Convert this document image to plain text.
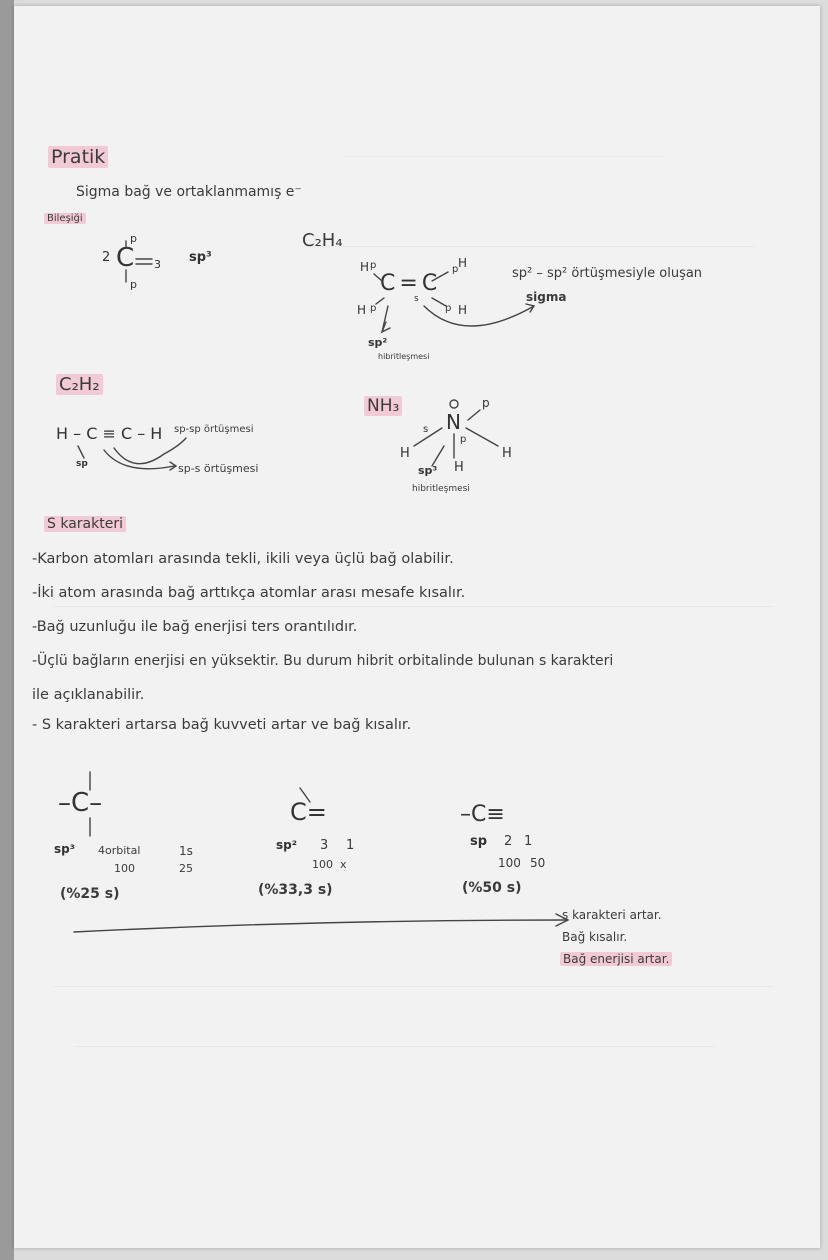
Pratik
Sigma bağ ve ortaklanmamış e⁻
Bileşiği
C
2
p
3
p
sp³
C₂H₄
C = C
H p	p H
H p
s
p H
sp²
hibritleşmesi
sp² – sp² örtüşmesiyle oluşan
sigma
C₂H₂
H – C ≡ C – H sp-sp örtüşmesi
sp	sp-s örtüşmesi
NH₃
N
p
s
p
H
H
H
sp³
hibritleşmesi
S karakteri
-Karbon atomları arasında tekli, ikili veya üçlü bağ olabilir.
-İki atom arasında bağ arttıkça atomlar arası mesafe kısalır.
-Bağ uzunluğu ile bağ enerjisi ters orantılıdır.
-Üçlü bağların enerjisi en yüksektir. Bu durum hibrit orbitalinde bulunan s karakteri
ile açıklanabilir.
- S karakteri artarsa bağ kuvveti artar ve bağ kısalır.
–C–
sp³ 4orbital	1s
100	25
(%25 s)
C=
sp² 3 1
100 x
(%33,3 s)
–C≡
sp 2 1
100 50
(%50 s)
s karakteri artar.
Bağ kısalır.
Bağ enerjisi artar.
